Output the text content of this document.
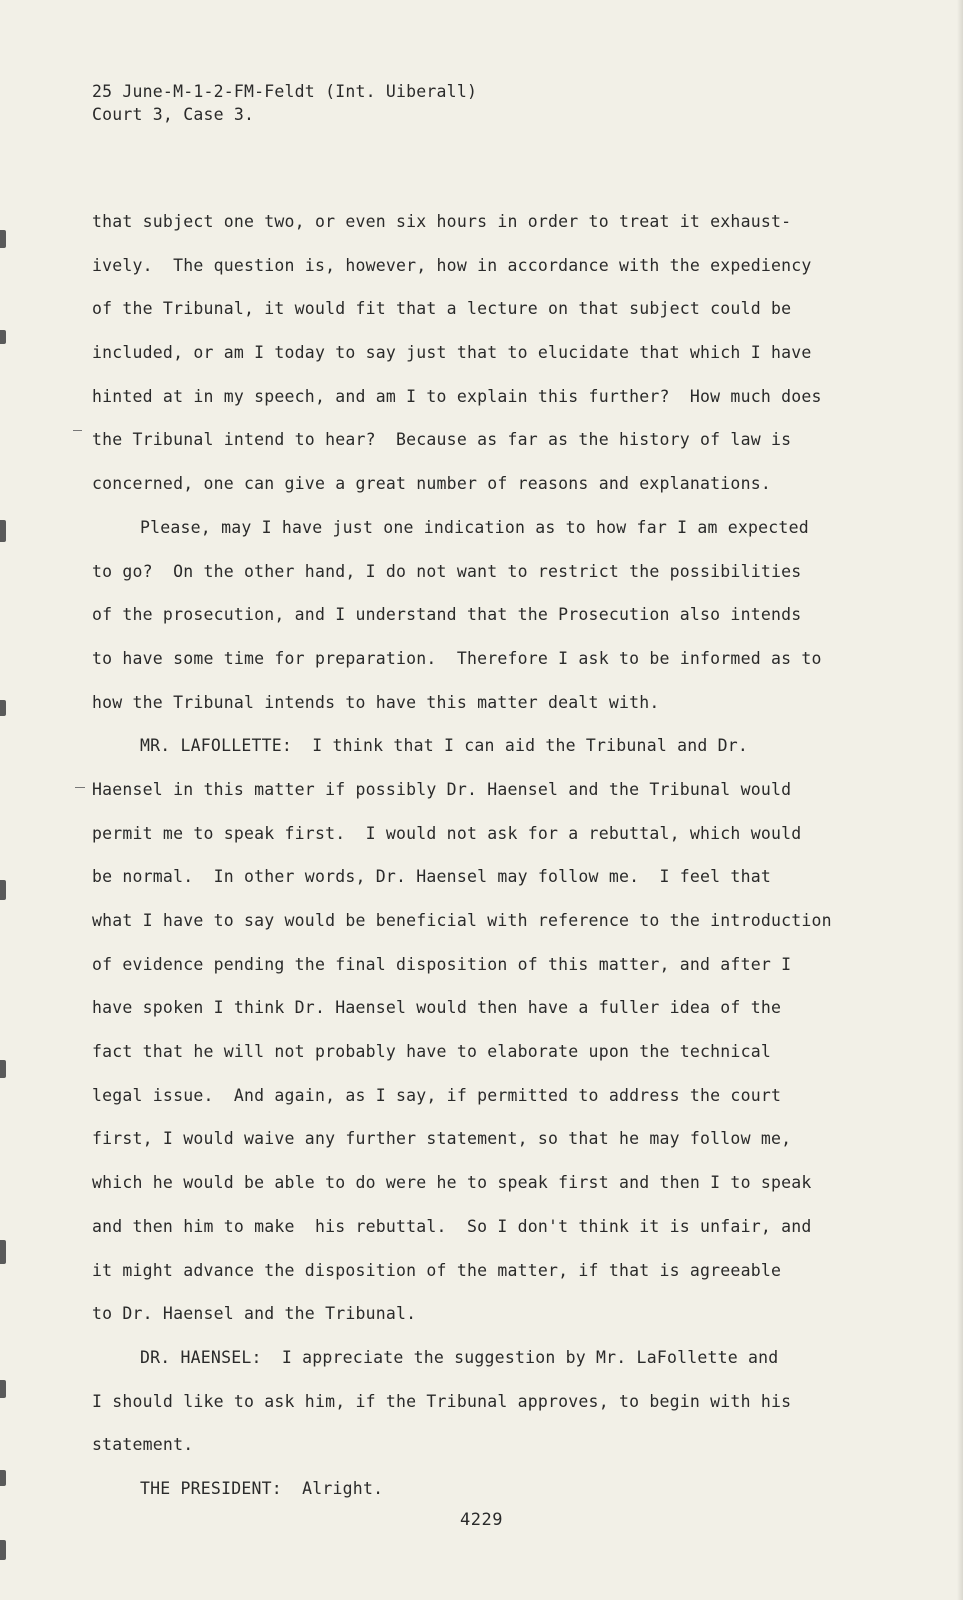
25 June-M-1-2-FM-Feldt (Int. Uiberall)
Court 3, Case 3.
that subject one two, or even six hours in order to treat it exhaust-
ively.  The question is, however, how in accordance with the expediency
of the Tribunal, it would fit that a lecture on that subject could be
included, or am I today to say just that to elucidate that which I have
hinted at in my speech, and am I to explain this further?  How much does
the Tribunal intend to hear?  Because as far as the history of law is
concerned, one can give a great number of reasons and explanations.
Please, may I have just one indication as to how far I am expected
to go?  On the other hand, I do not want to restrict the possibilities
of the prosecution, and I understand that the Prosecution also intends
to have some time for preparation.  Therefore I ask to be informed as to
how the Tribunal intends to have this matter dealt with.
MR. LAFOLLETTE:  I think that I can aid the Tribunal and Dr.
Haensel in this matter if possibly Dr. Haensel and the Tribunal would
permit me to speak first.  I would not ask for a rebuttal, which would
be normal.  In other words, Dr. Haensel may follow me.  I feel that
what I have to say would be beneficial with reference to the introduction
of evidence pending the final disposition of this matter, and after I
have spoken I think Dr. Haensel would then have a fuller idea of the
fact that he will not probably have to elaborate upon the technical
legal issue.  And again, as I say, if permitted to address the court
first, I would waive any further statement, so that he may follow me,
which he would be able to do were he to speak first and then I to speak
and then him to make  his rebuttal.  So I don't think it is unfair, and
it might advance the disposition of the matter, if that is agreeable
to Dr. Haensel and the Tribunal.
DR. HAENSEL:  I appreciate the suggestion by Mr. LaFollette and
I should like to ask him, if the Tribunal approves, to begin with his
statement.
THE PRESIDENT:  Alright.
4229
